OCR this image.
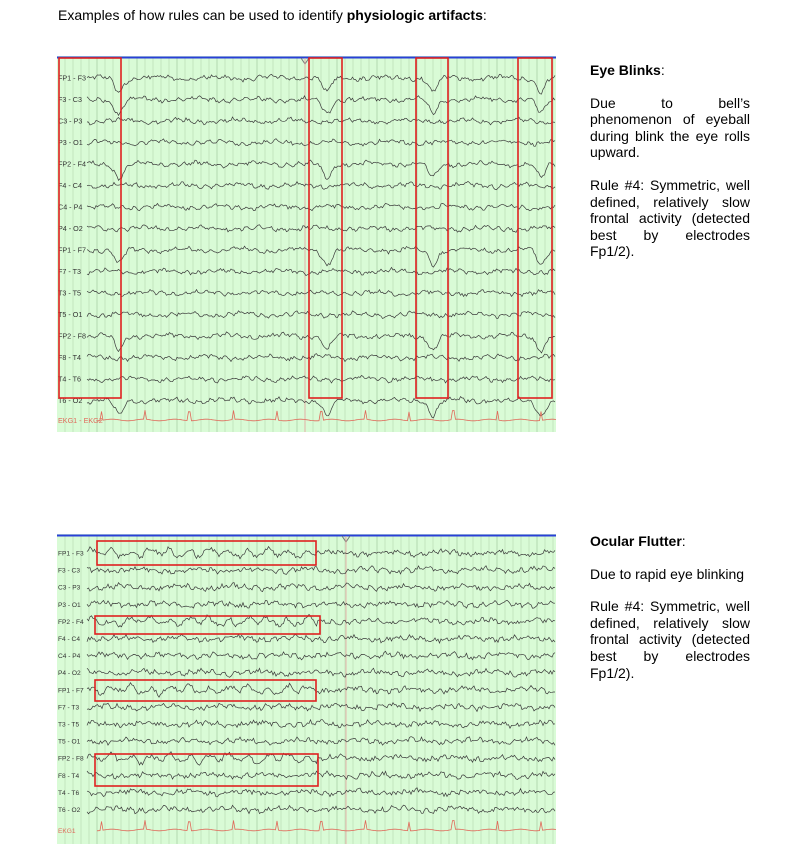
Examples of how rules can be used to identify physiologic artifacts:
FP1 - F3
F3 - C3
C3 - P3
P3 - O1
FP2 - F4
F4 - C4
C4 - P4
P4 - O2
FP1 - F7
F7 - T3
T3 - T5
T5 - O1
FP2 - F8
F8 - T4
T4 - T6
T6 - O2
EKG1 - EKG2

Eye Blinks:

Due to bell’s phenomenon of eyeball during blink the eye rolls upward.

Rule #4: Symmetric, well defined, relatively slow frontal activity (detected best by electrodes Fp1/2).

FP1 - F3
F3 - C3
C3 - P3
P3 - O1
FP2 - F4
F4 - C4
C4 - P4
P4 - O2
FP1 - F7
F7 - T3
T3 - T5
T5 - O1
FP2 - F8
F8 - T4
T4 - T6
T6 - O2
EKG1

Ocular Flutter:

Due to rapid eye blinking

Rule #4: Symmetric, well defined, relatively slow frontal activity (detected best by electrodes Fp1/2).
